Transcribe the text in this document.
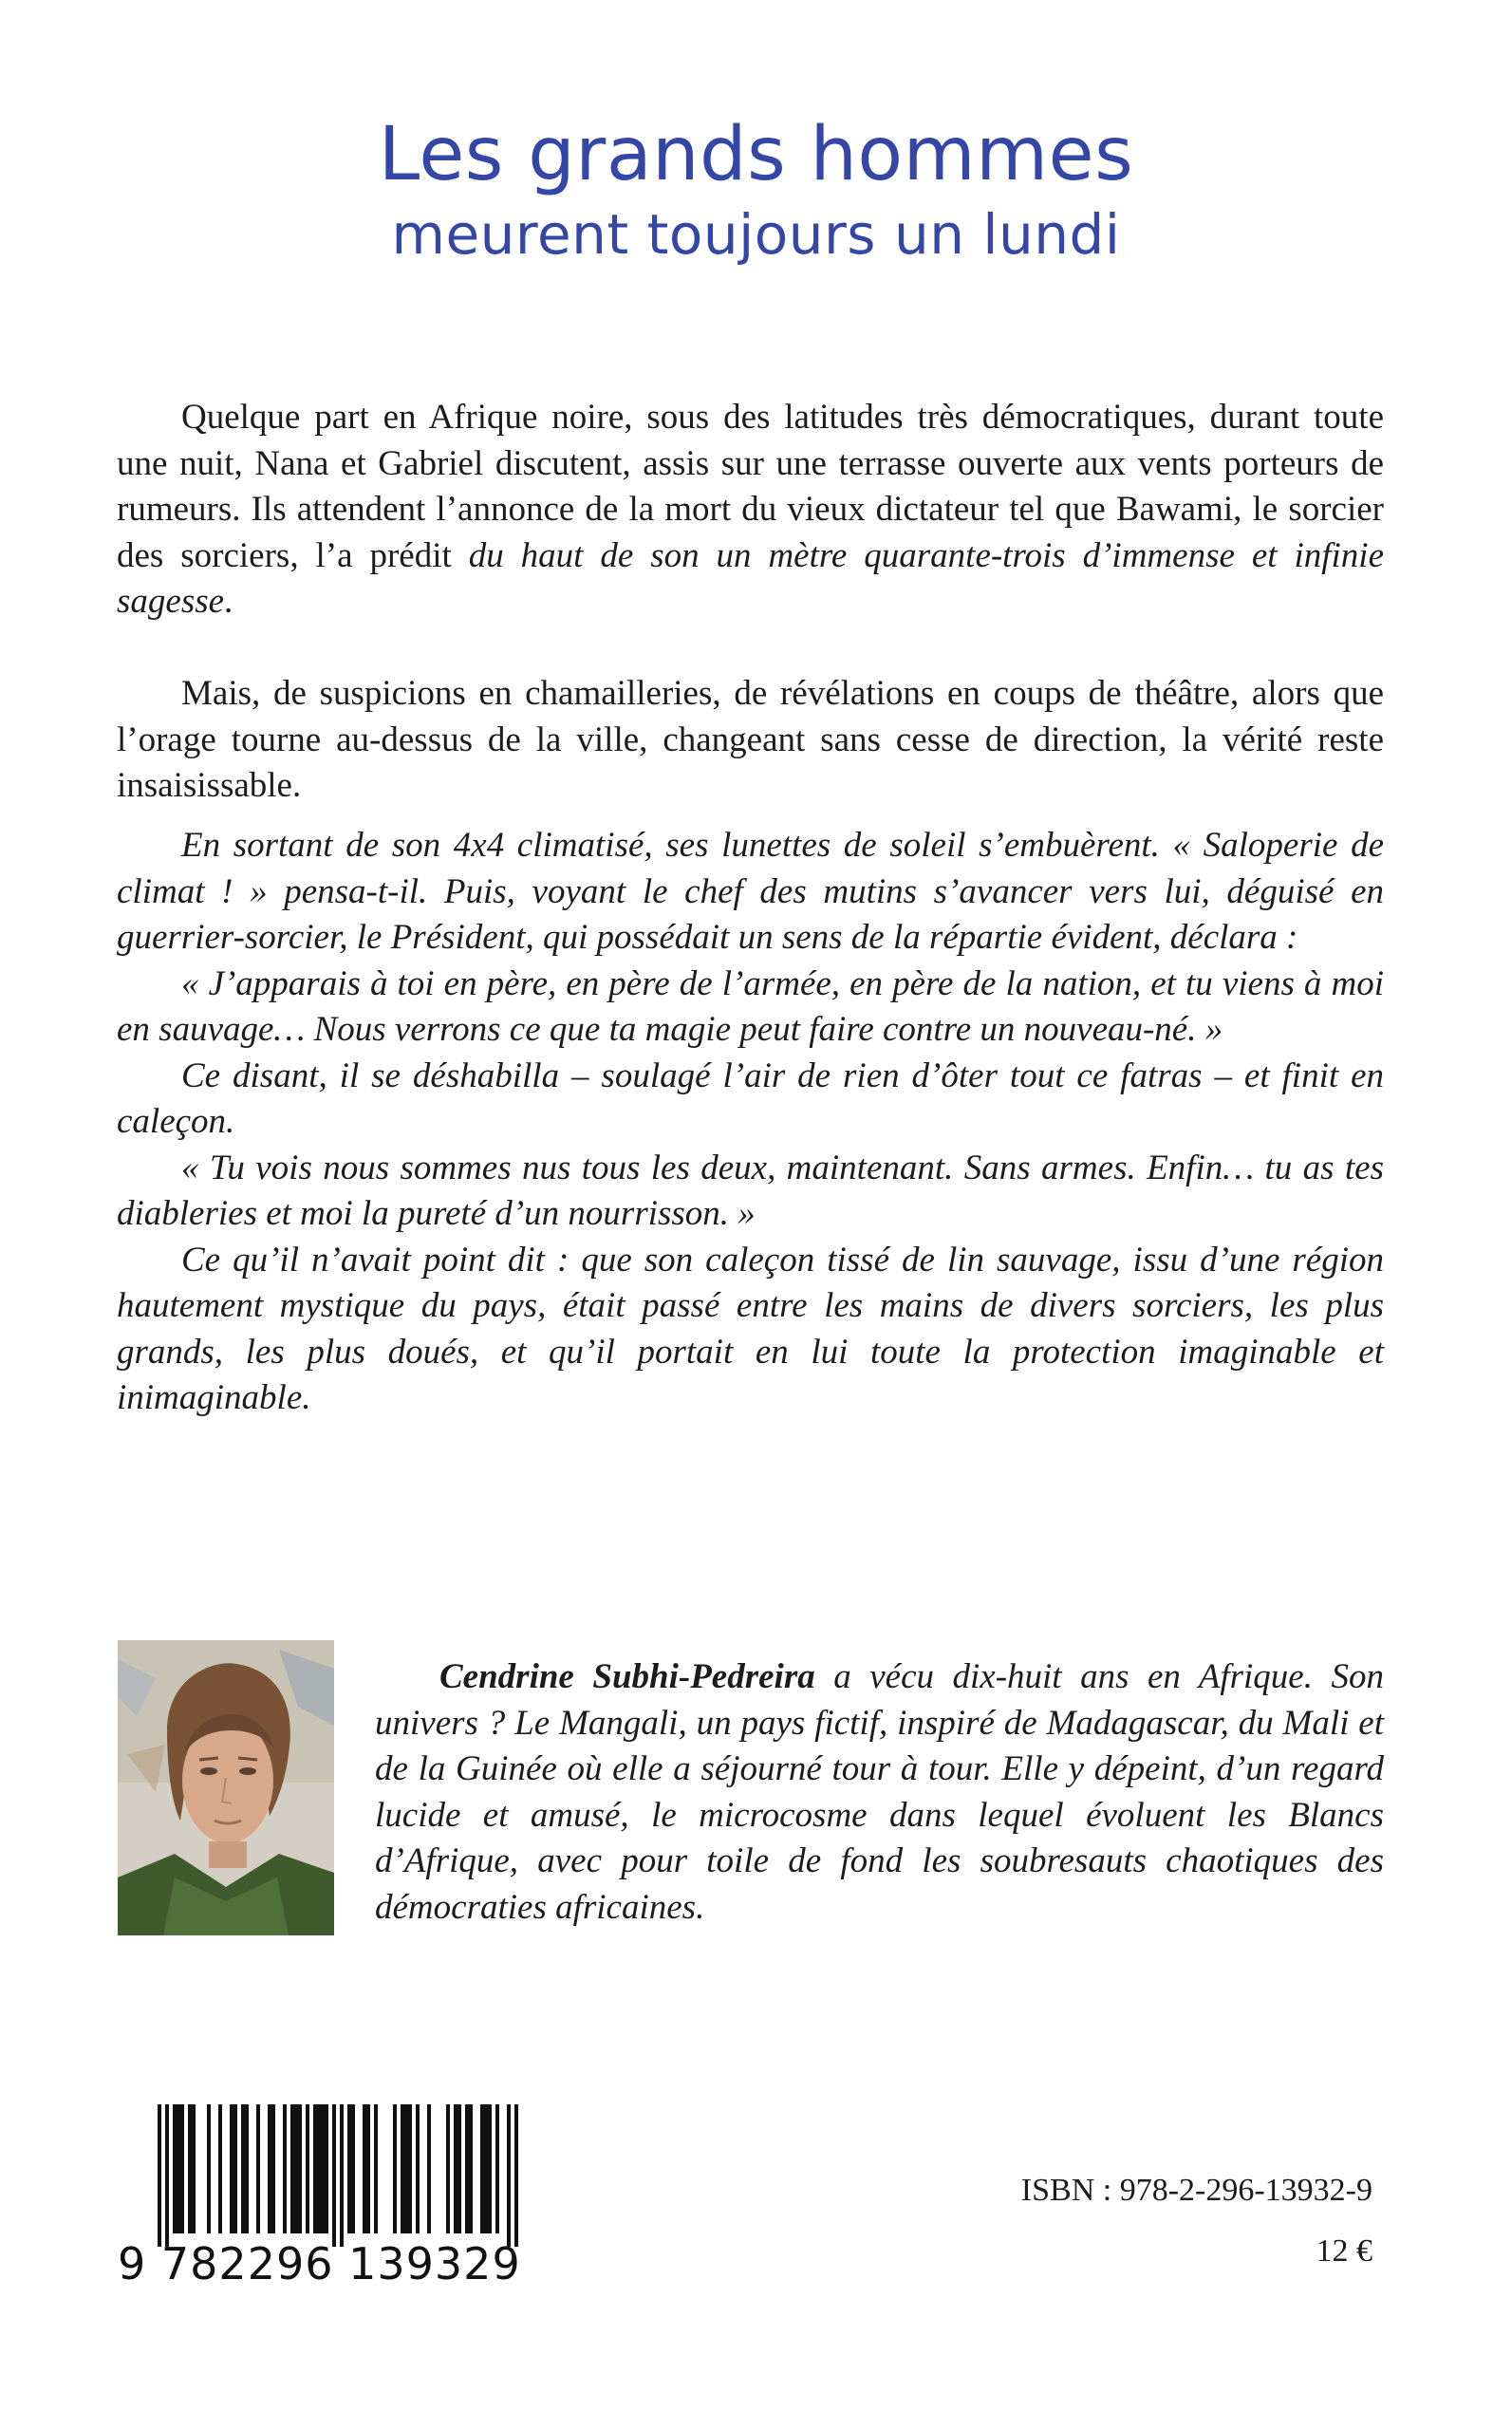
Les grands hommes
meurent toujours un lundi

Quelque part en Afrique noire, sous des latitudes très démocratiques, durant toute une nuit, Nana et Gabriel discutent, assis sur une terrasse ouverte aux vents porteurs de rumeurs. Ils attendent l’annonce de la mort du vieux dictateur tel que Bawami, le sorcier des sorciers, l’a prédit du haut de son un mètre quarante-trois d’immense et infinie sagesse.

Mais, de suspicions en chamailleries, de révélations en coups de théâtre, alors que l’orage tourne au-dessus de la ville, changeant sans cesse de direction, la vérité reste insaisissable.

En sortant de son 4x4 climatisé, ses lunettes de soleil s’embuèrent. « Saloperie de climat ! » pensa-t-il. Puis, voyant le chef des mutins s’avancer vers lui, déguisé en guerrier-sorcier, le Président, qui possédait un sens de la répartie évident, déclara :

« J’apparais à toi en père, en père de l’armée, en père de la nation, et tu viens à moi en sauvage… Nous verrons ce que ta magie peut faire contre un nouveau-né. »

Ce disant, il se déshabilla – soulagé l’air de rien d’ôter tout ce fatras – et finit en caleçon.

« Tu vois nous sommes nus tous les deux, maintenant. Sans armes. Enfin… tu as tes diableries et moi la pureté d’un nourrisson. »

Ce qu’il n’avait point dit : que son caleçon tissé de lin sauvage, issu d’une région hautement mystique du pays, était passé entre les mains de divers sorciers, les plus grands, les plus doués, et qu’il portait en lui toute la protection imaginable et inimaginable.

Cendrine Subhi-Pedreira a vécu dix-huit ans en Afrique. Son univers ? Le Mangali, un pays fictif, inspiré de Madagascar, du Mali et de la Guinée où elle a séjourné tour à tour. Elle y dépeint, d’un regard lucide et amusé, le microcosme dans lequel évoluent les Blancs d’Afrique, avec pour toile de fond les soubresauts chaotiques des démocraties africaines.

9 782296 139329
ISBN : 978-2-296-13932-9
12 €
